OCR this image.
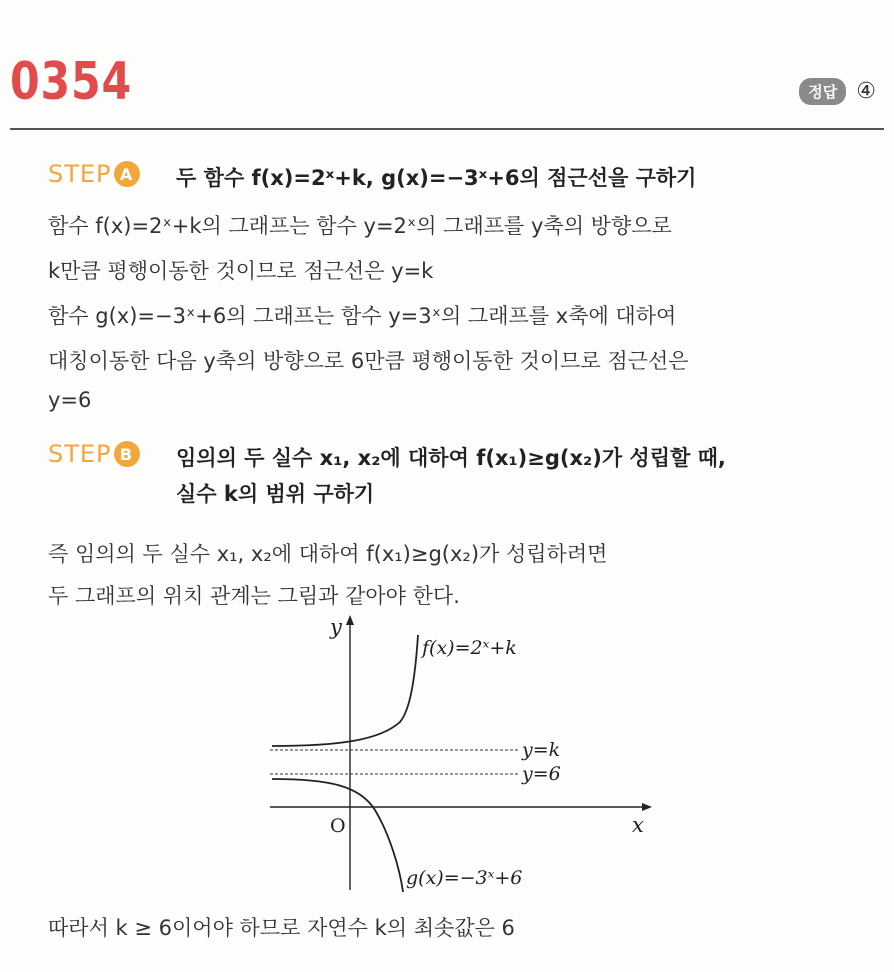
0354	정답 ④
STEP A	두 함수 f(x)=2ˣ+k, g(x)=−3ˣ+6의 점근선을 구하기
함수 f(x)=2ˣ+k의 그래프는 함수 y=2ˣ의 그래프를 y축의 방향으로
k만큼 평행이동한 것이므로 점근선은 y=k
함수 g(x)=−3ˣ+6의 그래프는 함수 y=3ˣ의 그래프를 x축에 대하여
대칭이동한 다음 y축의 방향으로 6만큼 평행이동한 것이므로 점근선은
y=6
STEP B	임의의 두 실수 x₁, x₂에 대하여 f(x₁)≥g(x₂)가 성립할 때,
실수 k의 범위 구하기
즉 임의의 두 실수 x₁, x₂에 대하여 f(x₁)≥g(x₂)가 성립하려면
두 그래프의 위치 관계는 그림과 같아야 한다.
y
x
O
f(x)=2ˣ+k
g(x)=−3ˣ+6
y=k
y=6
따라서 k ≥ 6이어야 하므로 자연수 k의 최솟값은 6
